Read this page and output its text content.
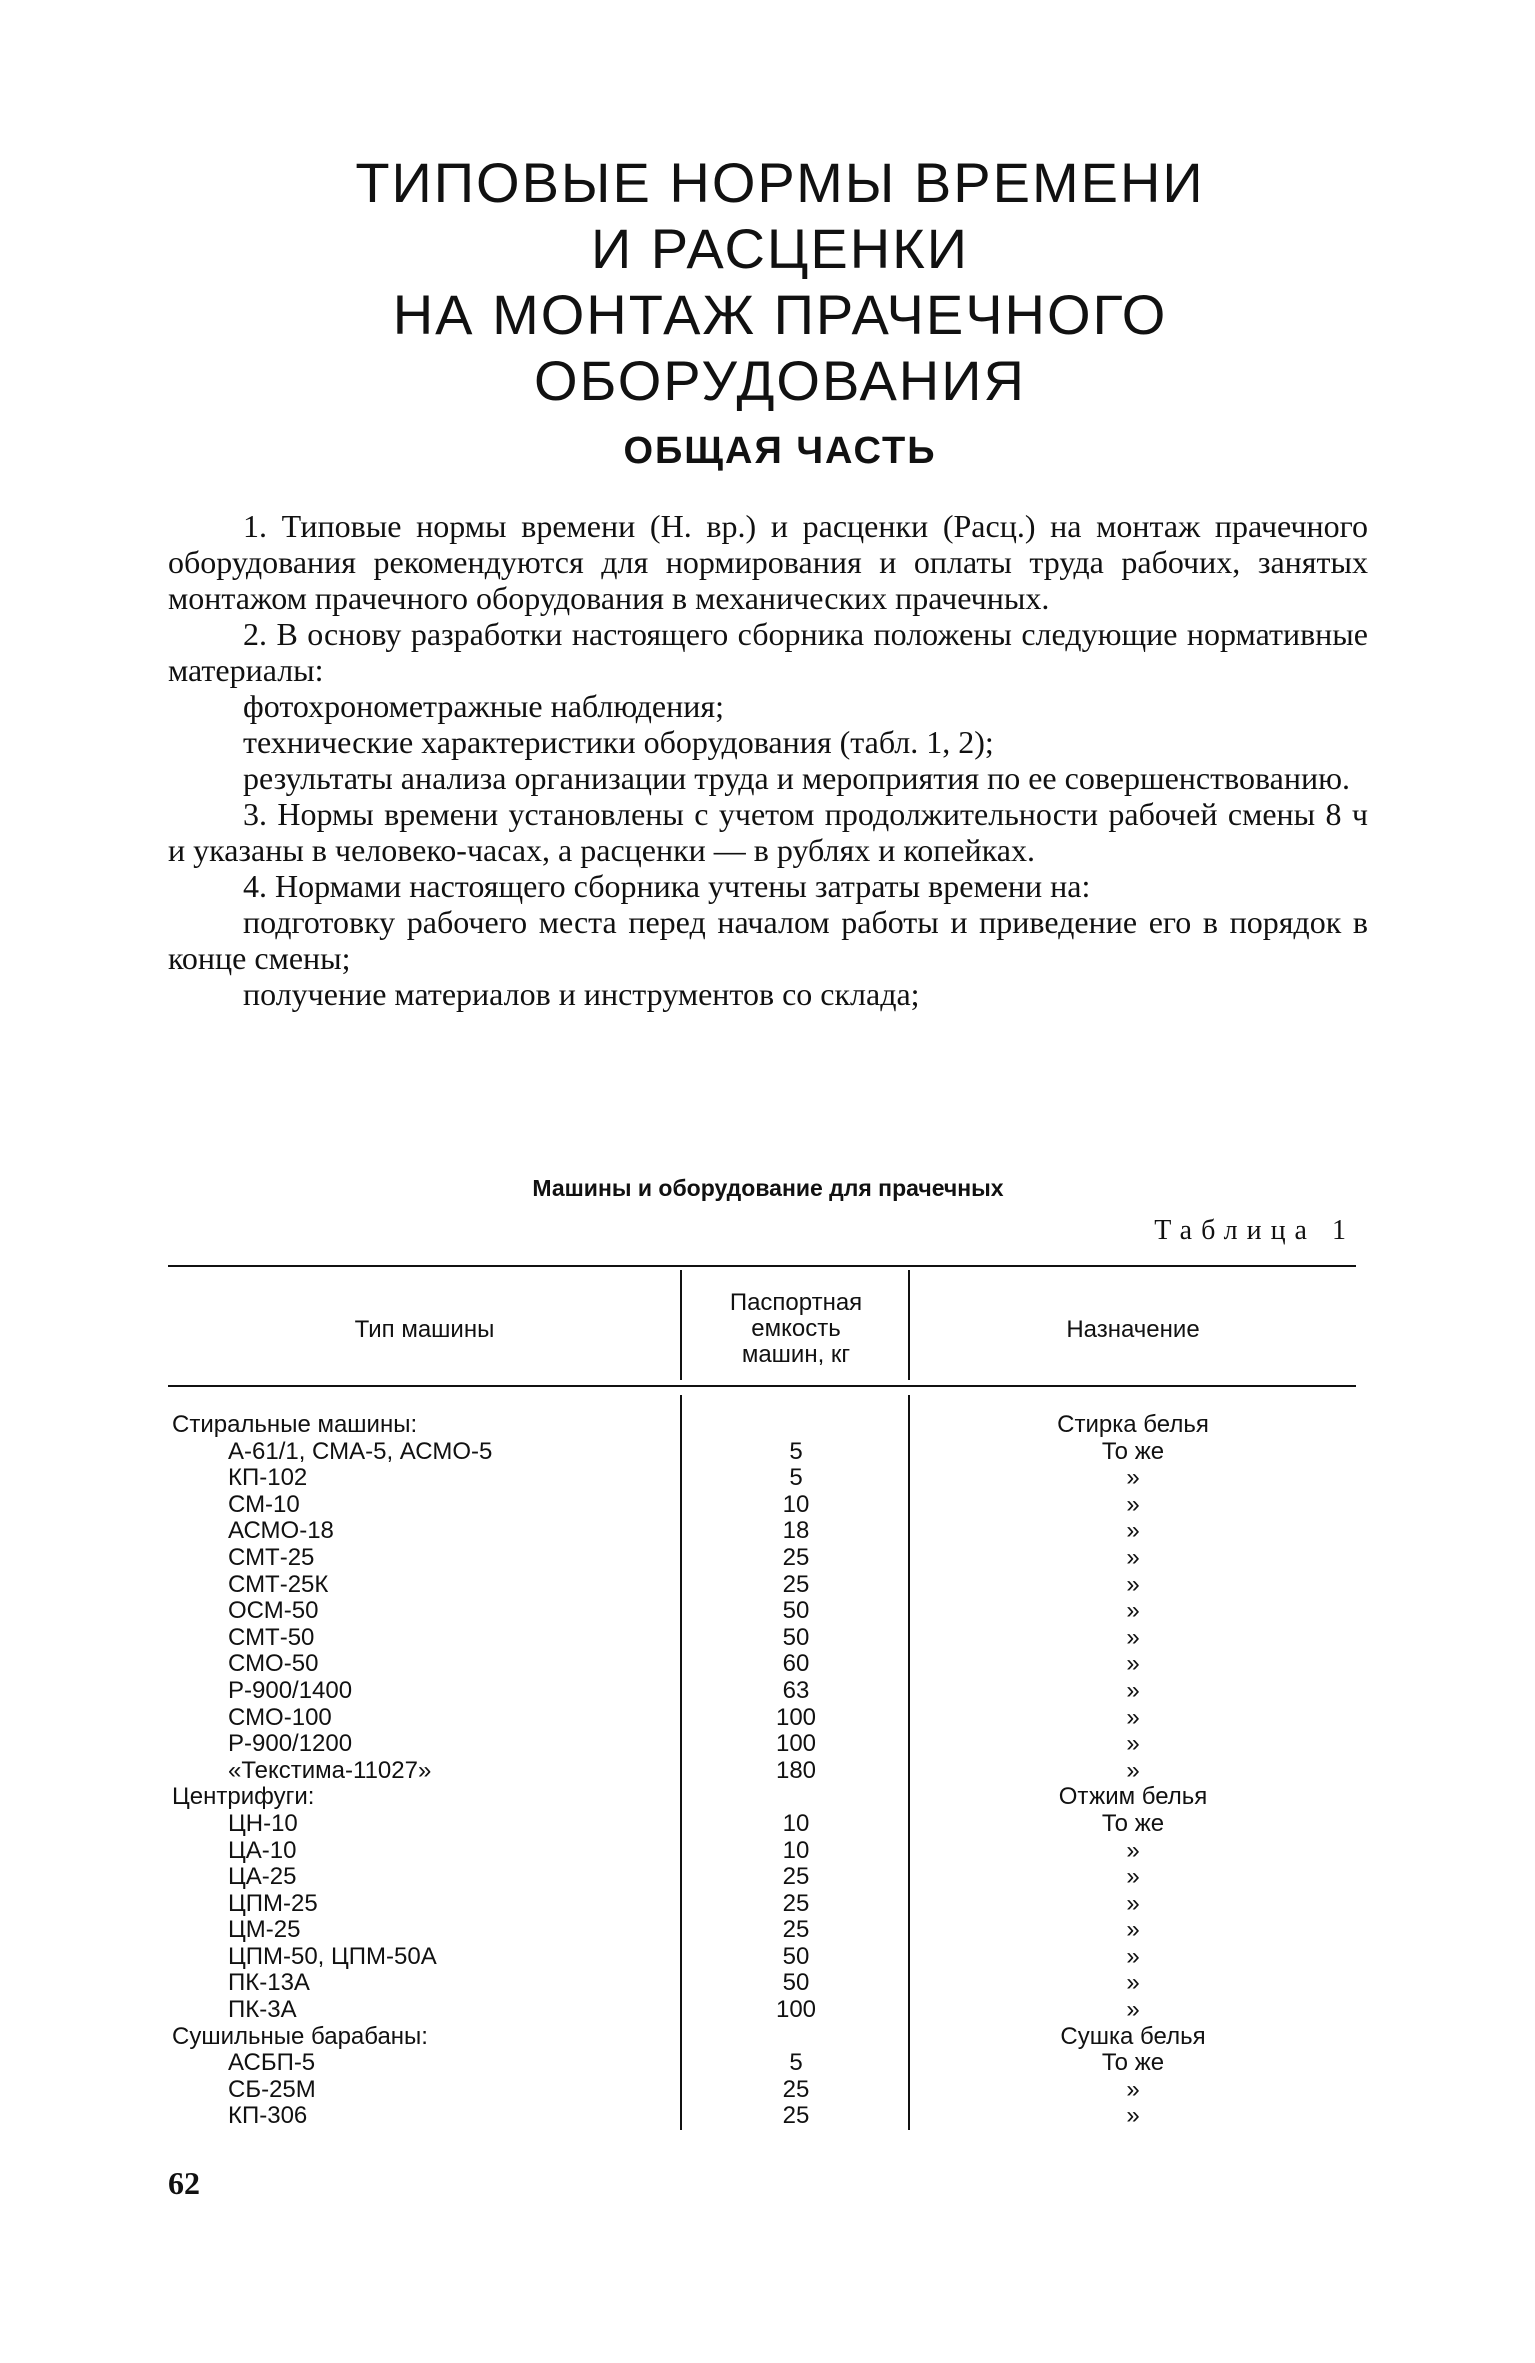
ТИПОВЫЕ НОРМЫ ВРЕМЕНИ
И РАСЦЕНКИ
НА МОНТАЖ ПРАЧЕЧНОГО
ОБОРУДОВАНИЯ
ОБЩАЯ ЧАСТЬ

1. Типовые нормы времени (Н. вр.) и расценки (Расц.) на монтаж прачечного оборудования рекомендуются для нормирования и оплаты труда рабочих, занятых монтажом прачечного оборудования в механических прачечных.

2. В основу разработки настоящего сборника положены следующие нормативные материалы:

фотохронометражные наблюдения;

технические характеристики оборудования (табл. 1, 2);

результаты анализа организации труда и мероприятия по ее совершенствованию.

3. Нормы времени установлены с учетом продолжительности рабочей смены 8 ч и указаны в человеко-часах, а расценки — в рублях и копейках.

4. Нормами настоящего сборника учтены затраты времени на:

подготовку рабочего места перед началом работы и приведение его в порядок в конце смены;

получение материалов и инструментов со склада;

Машины и оборудование для прачечных
Таблица 1
Тип машины
Паспортная
емкость
машин, кг
Назначение
Стиральные машины:
А-61/1, СМА-5, АСМО-5
КП-102
СМ-10
АСМО-18
СМТ-25
СМТ-25К
ОСМ-50
СМТ-50
СМО-50
Р-900/1400
СМО-100
Р-900/1200
«Текстима-11027»
Центрифуги:
ЦН-10
ЦА-10
ЦА-25
ЦПМ-25
ЦМ-25
ЦПМ-50, ЦПМ-50А
ПК-13А
ПК-3А
Сушильные барабаны:
АСБП-5
СБ-25М
КП-306

5
5
10
18
25
25
50
50
60
63
100
100
180

10
10
25
25
25
50
50
100

5
25
25
Стирка белья
То же
»
»
»
»
»
»
»
»
»
»
»
»
Отжим белья
То же
»
»
»
»
»
»
»
Сушка белья
То же
»
»
62
